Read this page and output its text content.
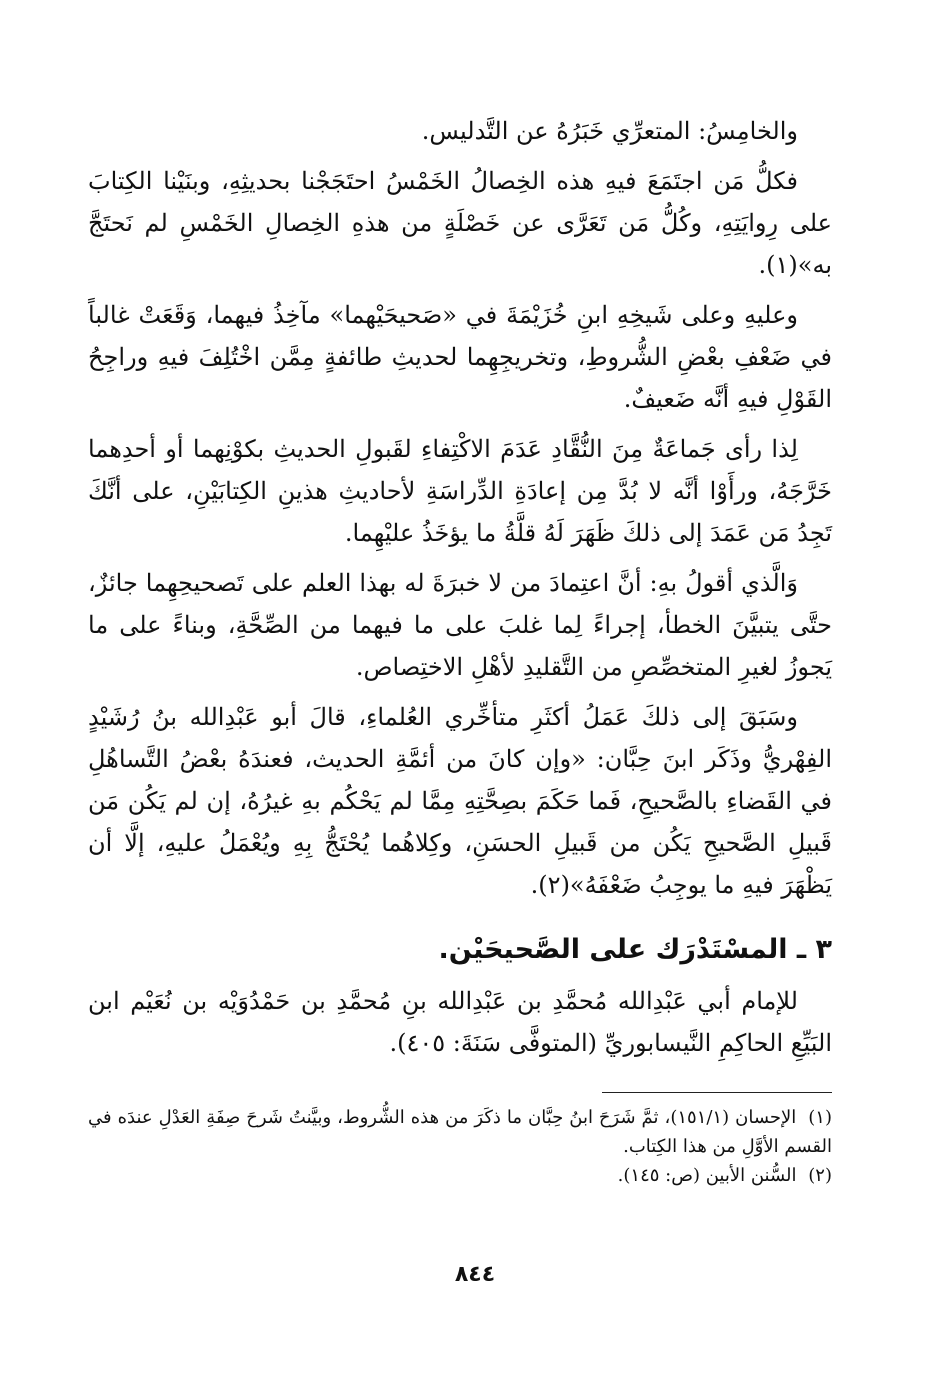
والخامِسُ: المتعرِّي خَبَرُهُ عن التَّدليس.

فكلُّ مَن اجتَمَعَ فيهِ هذه الخِصالُ الخَمْسُ احتَجَجْنا بحديثِهِ، وبنَيْنا الكِتابَ على رِوايَتِهِ، وكُلُّ مَن تَعَرَّى عن خَصْلَةٍ من هذهِ الخِصالِ الخَمْسِ لم نَحتَجَّ به»(١).

وعليهِ وعلى شَيخِهِ ابنِ خُزَيْمَةَ في «صَحيحَيْهما» مآخِذُ فيهما، وَقَعَتْ غالباً في ضَعْفِ بعْضِ الشُّروطِ، وتخريجِهِما لحديثِ طائفةٍ مِمَّن اخْتُلِفَ فيهِ وراجِحُ القَوْلِ فيهِ أنَّه ضَعيفٌ.

لِذا رأى جَماعَةٌ مِنَ النُّقَّادِ عَدَمَ الاكْتِفاءِ لقَبولِ الحديثِ بكوْنِهما أو أحدِهما خَرَّجَهُ، ورأَوْا أنَّه لا بُدَّ مِن إعادَةِ الدِّراسَةِ لأحاديثِ هذينِ الكِتابَيْنِ، على أنَّكَ تَجِدُ مَن عَمَدَ إلى ذلكَ ظَهَرَ لَهُ قلَّةُ ما يؤخَذُ عليْهِما.

وَالَّذي أقولُ بهِ: أنَّ اعتِمادَ من لا خبرَةَ له بهذا العلم على تَصحيحِهِما جائزٌ، حتَّى يتبيَّنَ الخطأ، إجراءً لِما غلبَ على ما فيهما من الصِّحَّةِ، وبناءً على ما يَجوزُ لغيرِ المتخصِّصِ من التَّقليدِ لأهْلِ الاختِصاص.

وسَبَقَ إلى ذلكَ عَمَلُ أكثَرِ متأخِّري العُلماءِ، قالَ أبو عَبْدِالله بنُ رُشَيْدٍ الفِهْريُّ وذَكَر ابنَ حِبَّان: «وإن كانَ من أئمَّةِ الحديث، فعندَهُ بعْضُ التَّساهُلِ في القَضاءِ بالصَّحيحِ، فَما حَكَمَ بصِحَّتِهِ مِمَّا لم يَحْكُم بهِ غيرُهُ، إن لم يَكُن مَن قَبيلِ الصَّحيحِ يَكُن من قَبيلِ الحسَنِ، وكِلاهُما يُحْتَجُّ بِهِ ويُعْمَلُ عليهِ، إلَّا أن يَظْهَرَ فيهِ ما يوجِبُ ضَعْفَهُ»(٢).

٣ ـ المسْتَدْرَك على الصَّحيحَيْن.

للإمام أبي عَبْدِالله مُحمَّدِ بن عَبْدِالله بنِ مُحمَّدِ بن حَمْدُوَيْه بن نُعَيْم ابن البَيِّعِ الحاكِمِ النَّيسابوريِّ (المتوفَّى سَنَةَ: ٤٠٥).

(١) الإحسان (١٥١/١)، ثمَّ شَرَحَ ابنُ حِبَّان ما ذكَرَ من هذه الشُّروط، وبيَّنتُ شَرحَ صِفَةِ العَدْلِ عندَه في القسم الأوَّلِ من هذا الكِتاب.

(٢) السُّنن الأبين (ص: ١٤٥).

٨٤٤
